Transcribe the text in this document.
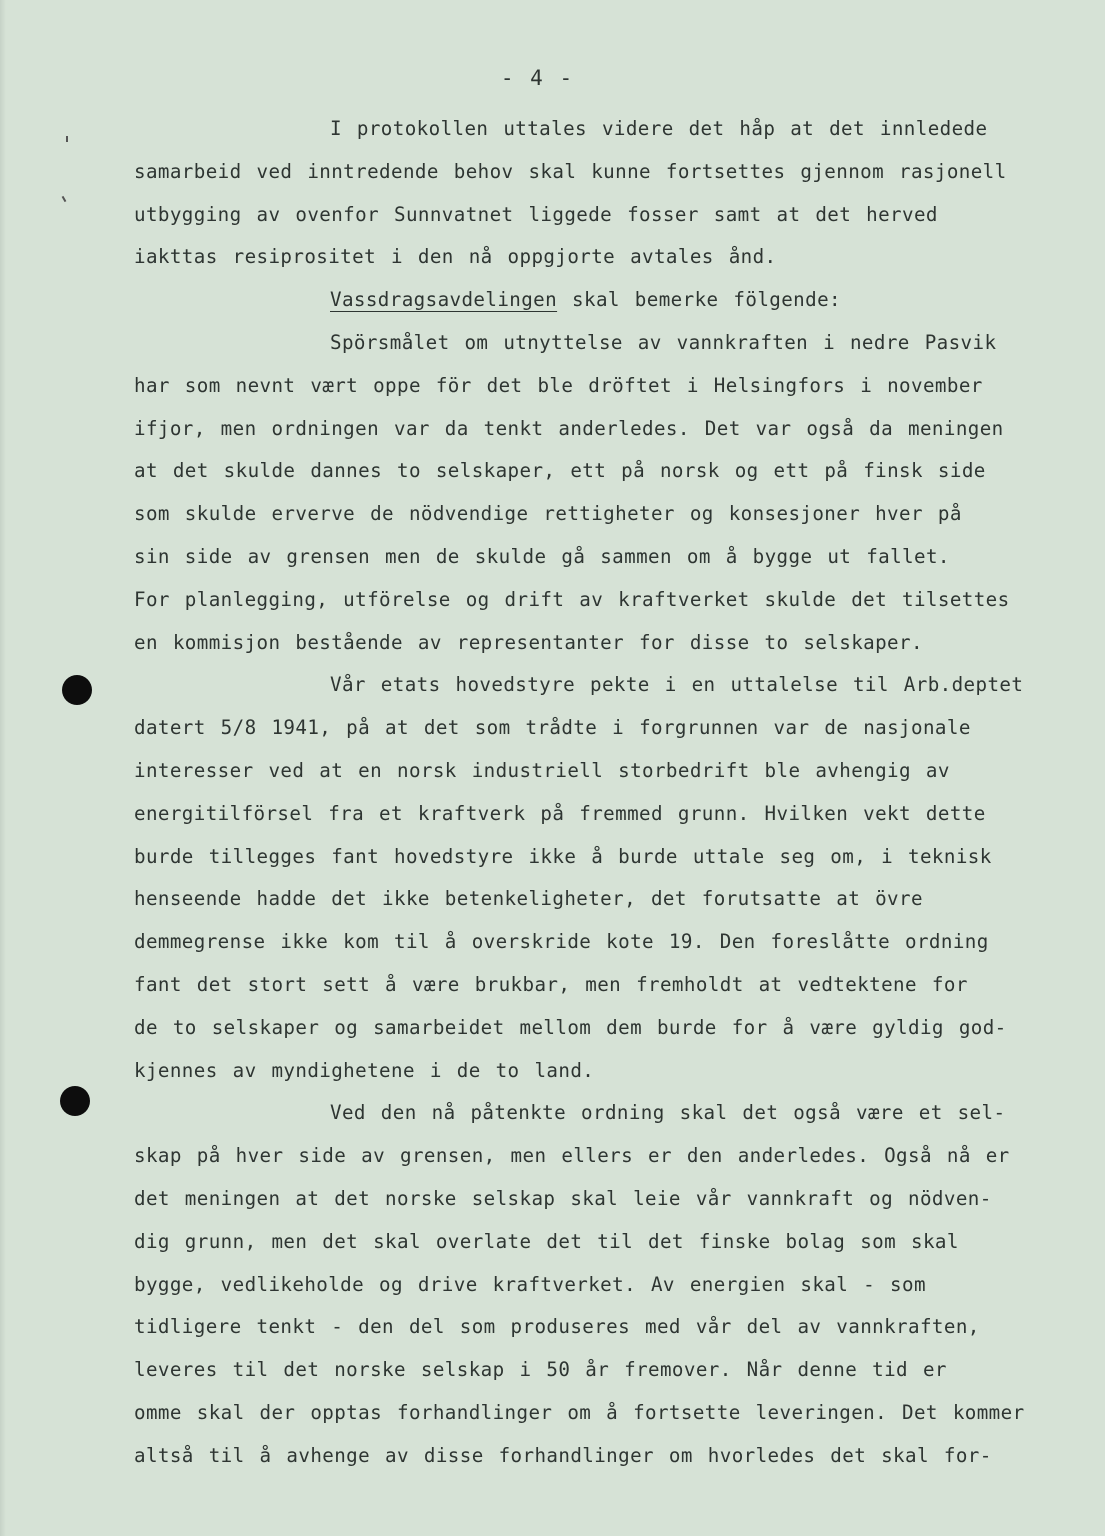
- 4 -
I protokollen uttales videre det håp at det innledede
samarbeid ved inntredende behov skal kunne fortsettes gjennom rasjonell
utbygging av ovenfor Sunnvatnet liggede fosser samt at det herved
iakttas resiprositet i den nå oppgjorte avtales ånd.
Vassdragsavdelingen skal bemerke fölgende:
Spörsmålet om utnyttelse av vannkraften i nedre Pasvik
har som nevnt vært oppe för det ble dröftet i Helsingfors i november
ifjor, men ordningen var da tenkt anderledes. Det var også da meningen
at det skulde dannes to selskaper, ett på norsk og ett på finsk side
som skulde erverve de nödvendige rettigheter og konsesjoner hver på
sin side av grensen men de skulde gå sammen om å bygge ut fallet.
For planlegging, utförelse og drift av kraftverket skulde det tilsettes
en kommisjon bestående av representanter for disse to selskaper.
Vår etats hovedstyre pekte i en uttalelse til Arb.deptet
datert 5/8 1941, på at det som trådte i forgrunnen var de nasjonale
interesser ved at en norsk industriell storbedrift ble avhengig av
energitilförsel fra et kraftverk på fremmed grunn. Hvilken vekt dette
burde tillegges fant hovedstyre ikke å burde uttale seg om, i teknisk
henseende hadde det ikke betenkeligheter, det forutsatte at övre
demmegrense ikke kom til å overskride kote 19. Den foreslåtte ordning
fant det stort sett å være brukbar, men fremholdt at vedtektene for
de to selskaper og samarbeidet mellom dem burde for å være gyldig god-
kjennes av myndighetene i de to land.
Ved den nå påtenkte ordning skal det også være et sel-
skap på hver side av grensen, men ellers er den anderledes. Også nå er
det meningen at det norske selskap skal leie vår vannkraft og nödven-
dig grunn, men det skal overlate det til det finske bolag som skal
bygge, vedlikeholde og drive kraftverket. Av energien skal - som
tidligere tenkt - den del som produseres med vår del av vannkraften,
leveres til det norske selskap i 50 år fremover. Når denne tid er
omme skal der opptas forhandlinger om å fortsette leveringen. Det kommer
altså til å avhenge av disse forhandlinger om hvorledes det skal for-
